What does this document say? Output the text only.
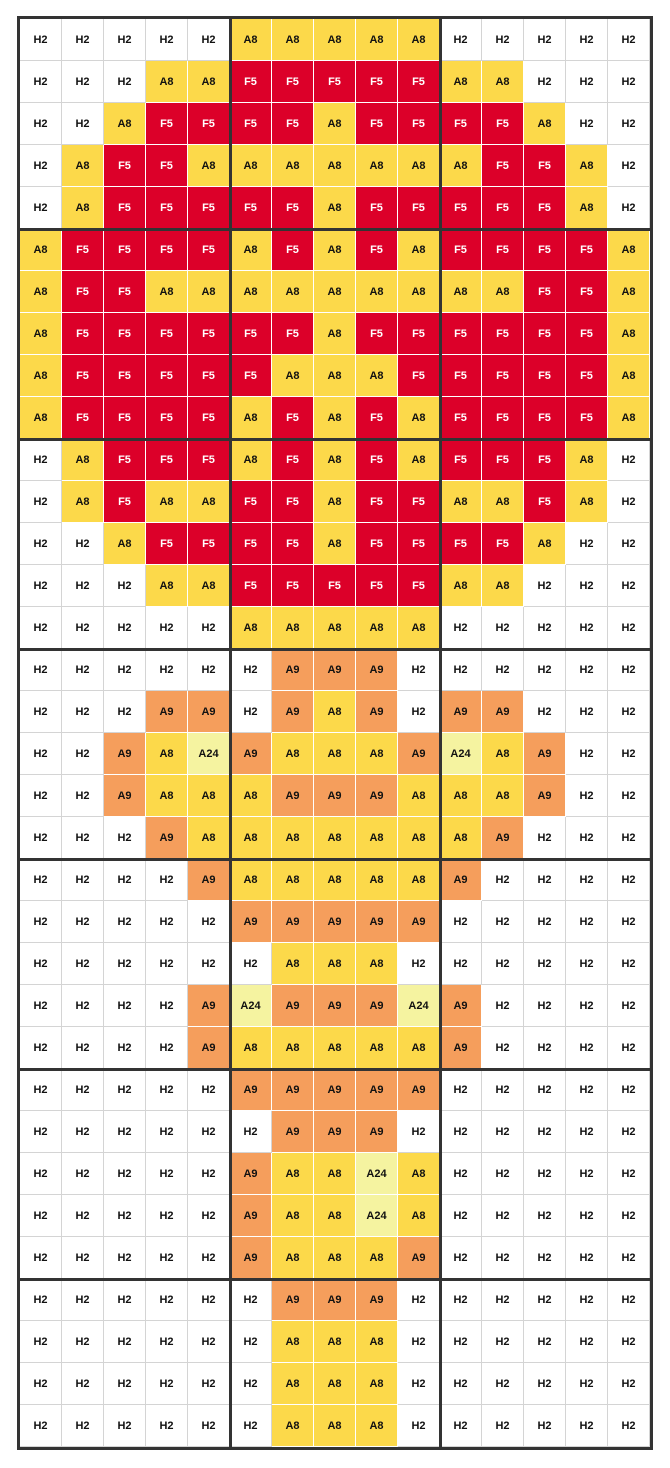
H2	H2	H2	H2	H2	A8	A8	A8	A8	A8	H2	H2	H2	H2	H2
H2	H2	H2	A8	A8	F5	F5	F5	F5	F5	A8	A8	H2	H2	H2
H2	H2	A8	F5	F5	F5	F5	A8	F5	F5	F5	F5	A8	H2	H2
H2	A8	F5	F5	A8	A8	A8	A8	A8	A8	A8	F5	F5	A8	H2
H2	A8	F5	F5	F5	F5	F5	A8	F5	F5	F5	F5	F5	A8	H2
A8	F5	F5	F5	F5	A8	F5	A8	F5	A8	F5	F5	F5	F5	A8
A8	F5	F5	A8	A8	A8	A8	A8	A8	A8	A8	A8	F5	F5	A8
A8	F5	F5	F5	F5	F5	F5	A8	F5	F5	F5	F5	F5	F5	A8
A8	F5	F5	F5	F5	F5	A8	A8	A8	F5	F5	F5	F5	F5	A8
A8	F5	F5	F5	F5	A8	F5	A8	F5	A8	F5	F5	F5	F5	A8
H2	A8	F5	F5	F5	A8	F5	A8	F5	A8	F5	F5	F5	A8	H2
H2	A8	F5	A8	A8	F5	F5	A8	F5	F5	A8	A8	F5	A8	H2
H2	H2	A8	F5	F5	F5	F5	A8	F5	F5	F5	F5	A8	H2	H2
H2	H2	H2	A8	A8	F5	F5	F5	F5	F5	A8	A8	H2	H2	H2
H2	H2	H2	H2	H2	A8	A8	A8	A8	A8	H2	H2	H2	H2	H2
H2	H2	H2	H2	H2	H2	A9	A9	A9	H2	H2	H2	H2	H2	H2
H2	H2	H2	A9	A9	H2	A9	A8	A9	H2	A9	A9	H2	H2	H2
H2	H2	A9	A8	A24	A9	A8	A8	A8	A9	A24	A8	A9	H2	H2
H2	H2	A9	A8	A8	A8	A9	A9	A9	A8	A8	A8	A9	H2	H2
H2	H2	H2	A9	A8	A8	A8	A8	A8	A8	A8	A9	H2	H2	H2
H2	H2	H2	H2	A9	A8	A8	A8	A8	A8	A9	H2	H2	H2	H2
H2	H2	H2	H2	H2	A9	A9	A9	A9	A9	H2	H2	H2	H2	H2
H2	H2	H2	H2	H2	H2	A8	A8	A8	H2	H2	H2	H2	H2	H2
H2	H2	H2	H2	A9	A24	A9	A9	A9	A24	A9	H2	H2	H2	H2
H2	H2	H2	H2	A9	A8	A8	A8	A8	A8	A9	H2	H2	H2	H2
H2	H2	H2	H2	H2	A9	A9	A9	A9	A9	H2	H2	H2	H2	H2
H2	H2	H2	H2	H2	H2	A9	A9	A9	H2	H2	H2	H2	H2	H2
H2	H2	H2	H2	H2	A9	A8	A8	A24	A8	H2	H2	H2	H2	H2
H2	H2	H2	H2	H2	A9	A8	A8	A24	A8	H2	H2	H2	H2	H2
H2	H2	H2	H2	H2	A9	A8	A8	A8	A9	H2	H2	H2	H2	H2
H2	H2	H2	H2	H2	H2	A9	A9	A9	H2	H2	H2	H2	H2	H2
H2	H2	H2	H2	H2	H2	A8	A8	A8	H2	H2	H2	H2	H2	H2
H2	H2	H2	H2	H2	H2	A8	A8	A8	H2	H2	H2	H2	H2	H2
H2	H2	H2	H2	H2	H2	A8	A8	A8	H2	H2	H2	H2	H2	H2
